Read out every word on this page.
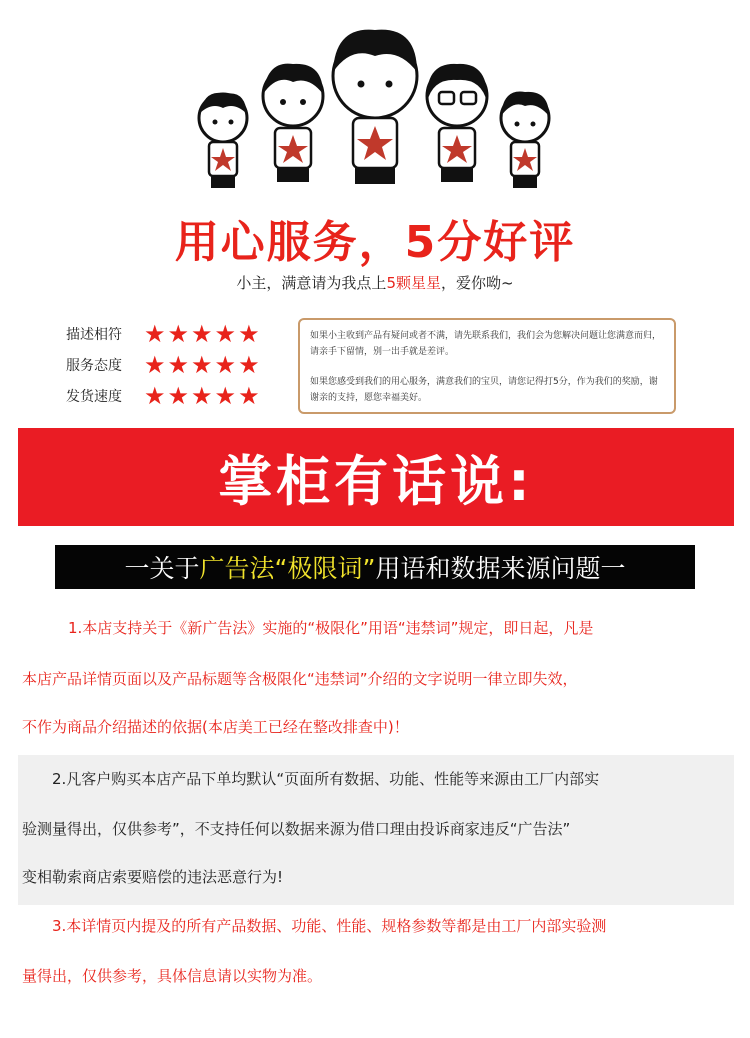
用心服务，5分好评
小主，满意请为我点上5颗星星，爱你呦~
描述相符 ★ ★ ★ ★ ★
服务态度 ★ ★ ★ ★ ★
发货速度 ★ ★ ★ ★ ★

如果小主收到产品有疑问或者不满，请先联系我们，我们会为您解决问题让您满意而归，请亲手下留情，别一出手就是差评。

如果您感受到我们的用心服务，满意我们的宝贝，请您记得打5分，作为我们的奖励，谢谢亲的支持，愿您幸福美好。

掌柜有话说:
一关于 广告法“极限词” 用语和数据来源问题一
1.本店支持关于《新广告法》实施的“极限化”用语“违禁词”规定，即日起，凡是
本店产品详情页面以及产品标题等含极限化“违禁词”介绍的文字说明一律立即失效，
不作为商品介绍描述的依据(本店美工已经在整改排查中)！
2.凡客户购买本店产品下单均默认“页面所有数据、功能、性能等来源由工厂内部实
验测量得出，仅供参考”，不支持任何以数据来源为借口理由投诉商家违反“广告法”
变相勒索商店索要赔偿的违法恶意行为!
3.本详情页内提及的所有产品数据、功能、性能、规格参数等都是由工厂内部实验测
量得出，仅供参考，具体信息请以实物为准。
